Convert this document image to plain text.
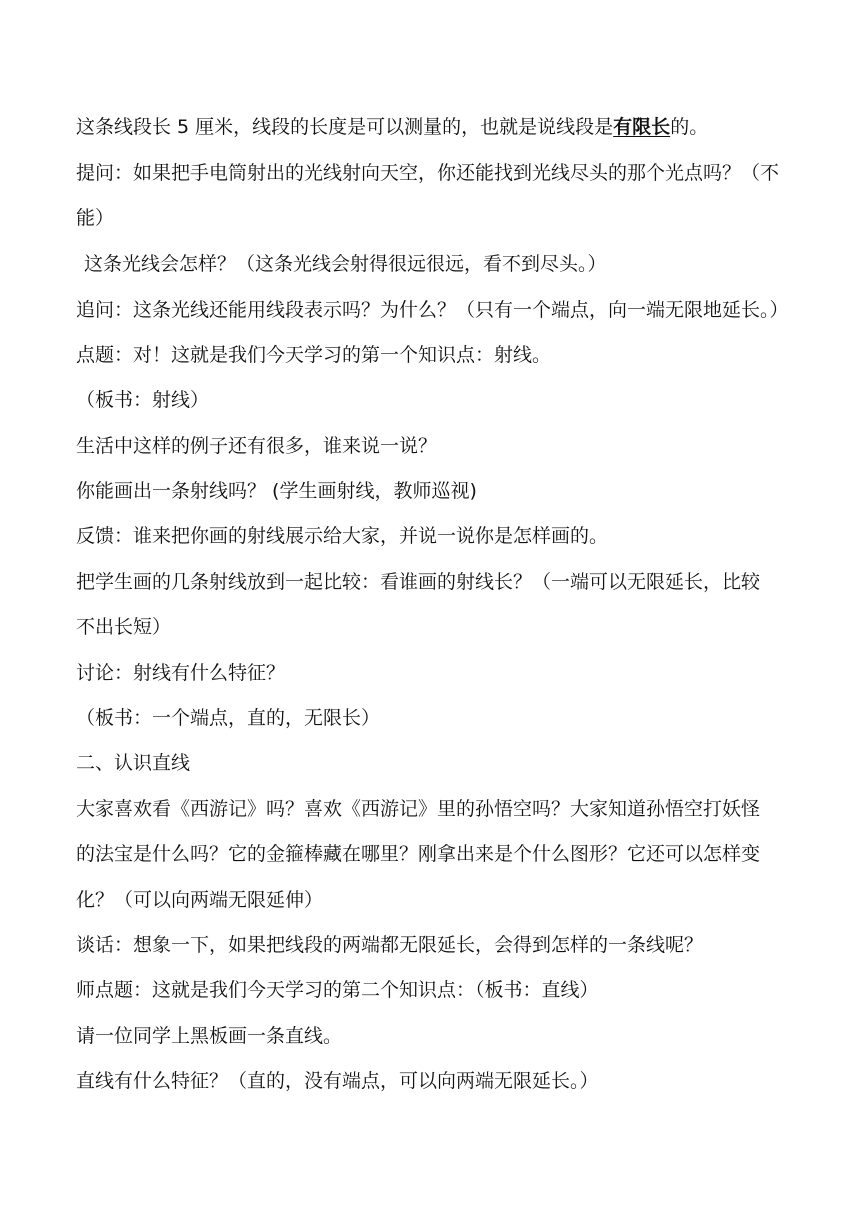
这条线段长 5 厘米，线段的长度是可以测量的，也就是说线段是有限长的。
提问：如果把手电筒射出的光线射向天空，你还能找到光线尽头的那个光点吗？（不
能）
这条光线会怎样？（这条光线会射得很远很远，看不到尽头。）
追问：这条光线还能用线段表示吗？为什么？（只有一个端点，向一端无限地延长。）
点题：对！这就是我们今天学习的第一个知识点：射线。
（板书：射线）
生活中这样的例子还有很多，谁来说一说？
你能画出一条射线吗？ (学生画射线，教师巡视)
反馈：谁来把你画的射线展示给大家，并说一说你是怎样画的。
把学生画的几条射线放到一起比较：看谁画的射线长？（一端可以无限延长，比较
不出长短）
讨论：射线有什么特征？
（板书：一个端点，直的，无限长）
二、认识直线
大家喜欢看《西游记》吗？喜欢《西游记》里的孙悟空吗？大家知道孙悟空打妖怪
的法宝是什么吗？它的金箍棒藏在哪里？刚拿出来是个什么图形？它还可以怎样变
化？（可以向两端无限延伸）
谈话：想象一下，如果把线段的两端都无限延长，会得到怎样的一条线呢？
师点题：这就是我们今天学习的第二个知识点：（板书：直线）
请一位同学上黑板画一条直线。
直线有什么特征？（直的，没有端点，可以向两端无限延长。）
